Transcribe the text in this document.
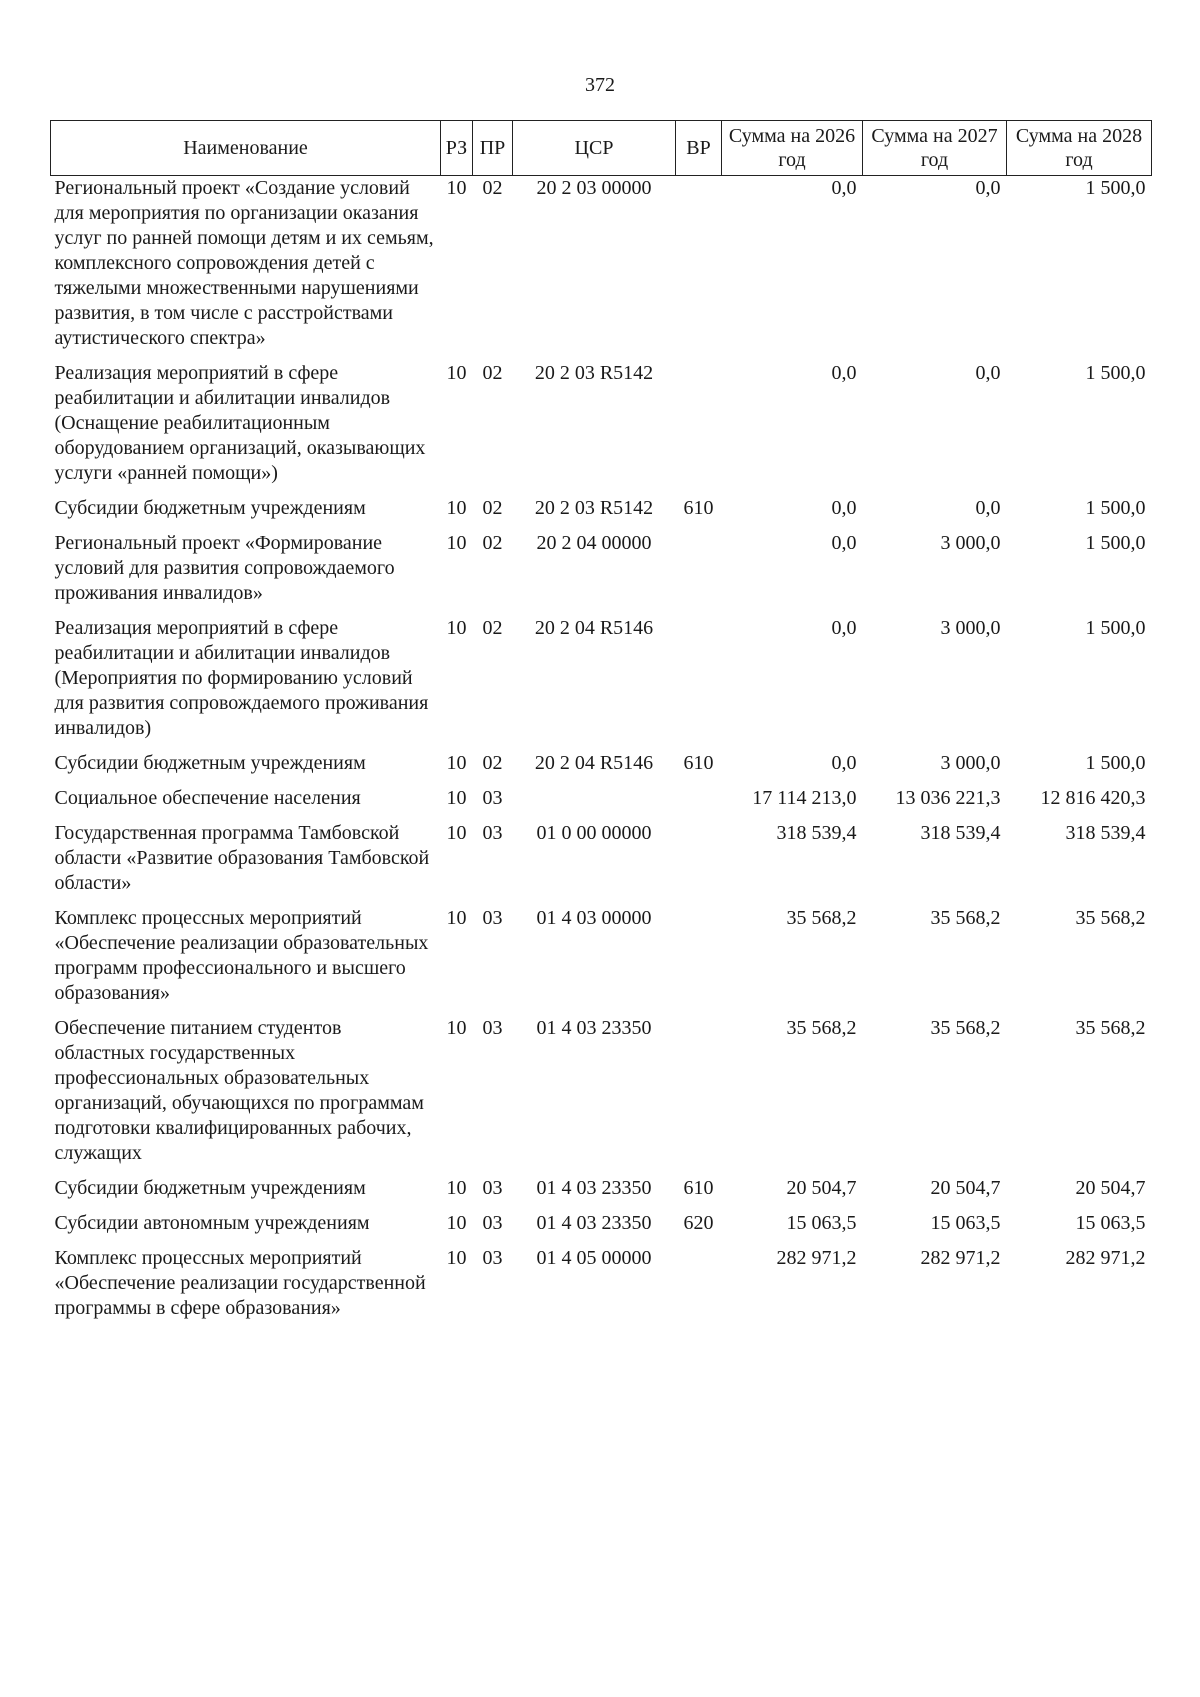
372
Наименование	РЗ	ПР	ЦСР	ВР	Сумма на 2026 год	Сумма на 2027 год	Сумма на 2028 год
Региональный проект «Создание условий для мероприятия по организации оказания услуг по ранней помощи детям и их семьям, комплексного сопровождения детей с тяжелыми множественными нарушениями развития, в том числе с расстройствами аутистического спектра»	10	02	20 2 03 00000		0,0	0,0	1 500,0
Реализация мероприятий в сфере реабилитации и абилитации инвалидов (Оснащение реабилитационным оборудованием организаций, оказывающих услуги «ранней помощи»)	10	02	20 2 03 R5142		0,0	0,0	1 500,0
Субсидии бюджетным учреждениям	10	02	20 2 03 R5142	610	0,0	0,0	1 500,0
Региональный проект «Формирование условий для развития сопровождаемого проживания инвалидов»	10	02	20 2 04 00000		0,0	3 000,0	1 500,0
Реализация мероприятий в сфере реабилитации и абилитации инвалидов (Мероприятия по формированию условий для развития сопровождаемого проживания инвалидов)	10	02	20 2 04 R5146		0,0	3 000,0	1 500,0
Субсидии бюджетным учреждениям	10	02	20 2 04 R5146	610	0,0	3 000,0	1 500,0
Социальное обеспечение населения	10	03			17 114 213,0	13 036 221,3	12 816 420,3
Государственная программа Тамбовской области «Развитие образования Тамбовской области»	10	03	01 0 00 00000		318 539,4	318 539,4	318 539,4
Комплекс процессных мероприятий «Обеспечение реализации образовательных программ профессионального и высшего образования»	10	03	01 4 03 00000		35 568,2	35 568,2	35 568,2
Обеспечение питанием студентов областных государственных профессиональных образовательных организаций, обучающихся по программам подготовки квалифицированных рабочих, служащих	10	03	01 4 03 23350		35 568,2	35 568,2	35 568,2
Субсидии бюджетным учреждениям	10	03	01 4 03 23350	610	20 504,7	20 504,7	20 504,7
Субсидии автономным учреждениям	10	03	01 4 03 23350	620	15 063,5	15 063,5	15 063,5
Комплекс процессных мероприятий «Обеспечение реализации государственной программы в сфере образования»	10	03	01 4 05 00000		282 971,2	282 971,2	282 971,2
